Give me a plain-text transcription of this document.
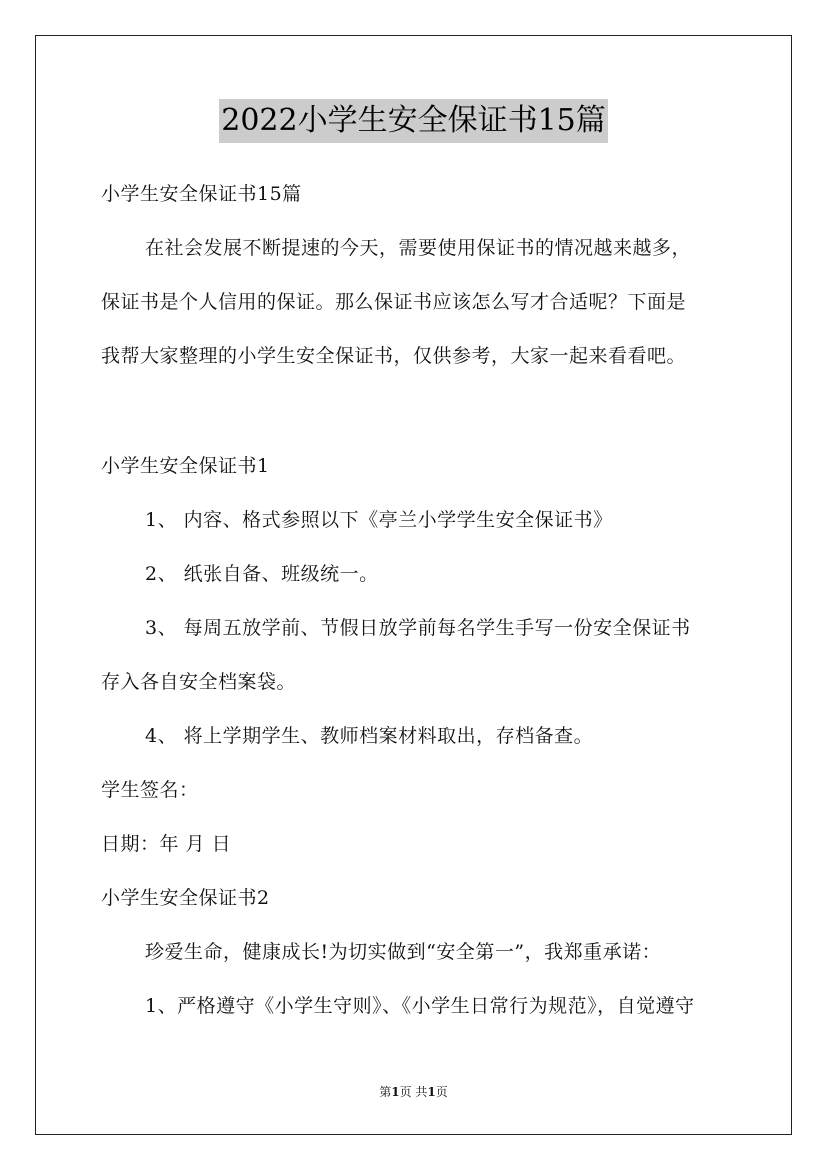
2022小学生安全保证书15篇
小学生安全保证书15篇
在社会发展不断提速的今天，需要使用保证书的情况越来越多，
保证书是个人信用的保证。那么保证书应该怎么写才合适呢？下面是
我帮大家整理的小学生安全保证书，仅供参考，大家一起来看看吧。
小学生安全保证书1
1、 内容、格式参照以下《亭兰小学学生安全保证书》
2、 纸张自备、班级统一。
3、 每周五放学前、节假日放学前每名学生手写一份安全保证书
存入各自安全档案袋。
4、 将上学期学生、教师档案材料取出，存档备查。
学生签名：
日期：年 月 日
小学生安全保证书2
珍爱生命，健康成长!为切实做到“安全第一”，我郑重承诺：
1、严格遵守《小学生守则》、《小学生日常行为规范》，自觉遵守
第1页 共1页
